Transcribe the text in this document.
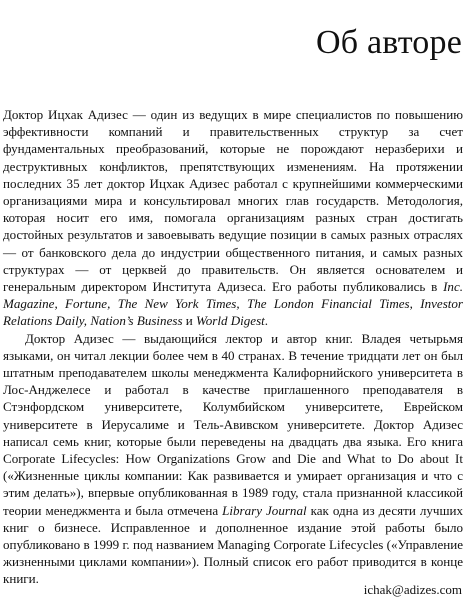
Об авторе

Доктор Ицхак Адизес — один из ведущих в мире специалистов по повышению эффективности компаний и правительственных структур за счет фундаментальных преобразований, которые не порождают неразберихи и деструктивных конфликтов, препятствующих изменениям. На протяжении последних 35 лет доктор Ицхак Адизес работал с крупнейшими коммерческими организациями мира и консультировал многих глав государств. Методология, которая носит его имя, помогала организациям разных стран достигать достойных результатов и завоевывать ведущие позиции в самых разных отраслях — от банковского дела до индустрии общественного питания, и самых разных структурах — от церквей до правительств. Он является основателем и генеральным директором Института Адизеса. Его работы публиковались в Inc. Magazine, Fortune, The New York Times, The London Financial Times, Investor Relations Daily, Nation’s Business и World Digest.

Доктор Адизес — выдающийся лектор и автор книг. Владея четырьмя языками, он читал лекции более чем в 40 странах. В течение тридцати лет он был штатным преподавателем школы менеджмента Калифорнийского университета в Лос-Анджелесе и работал в качестве приглашенного преподавателя в Стэнфордском университете, Колумбийском университете, Еврейском университете в Иерусалиме и Тель-Авивском университете. Доктор Адизес написал семь книг, которые были переведены на двадцать два языка. Его книга Corporate Lifecycles: How Organizations Grow and Die and What to Do about It («Жизненные циклы компании: Как развивается и умирает организация и что с этим делать»), впервые опубликованная в 1989 году, стала признанной классикой теории менеджмента и была отмечена Library Journal как одна из десяти лучших книг о бизнесе. Исправленное и дополненное издание этой работы было опубликовано в 1999 г. под названием Managing Corporate Lifecycles («Управление жизненными циклами компании»). Полный список его работ приводится в конце книги.

ichak@adizes.com
